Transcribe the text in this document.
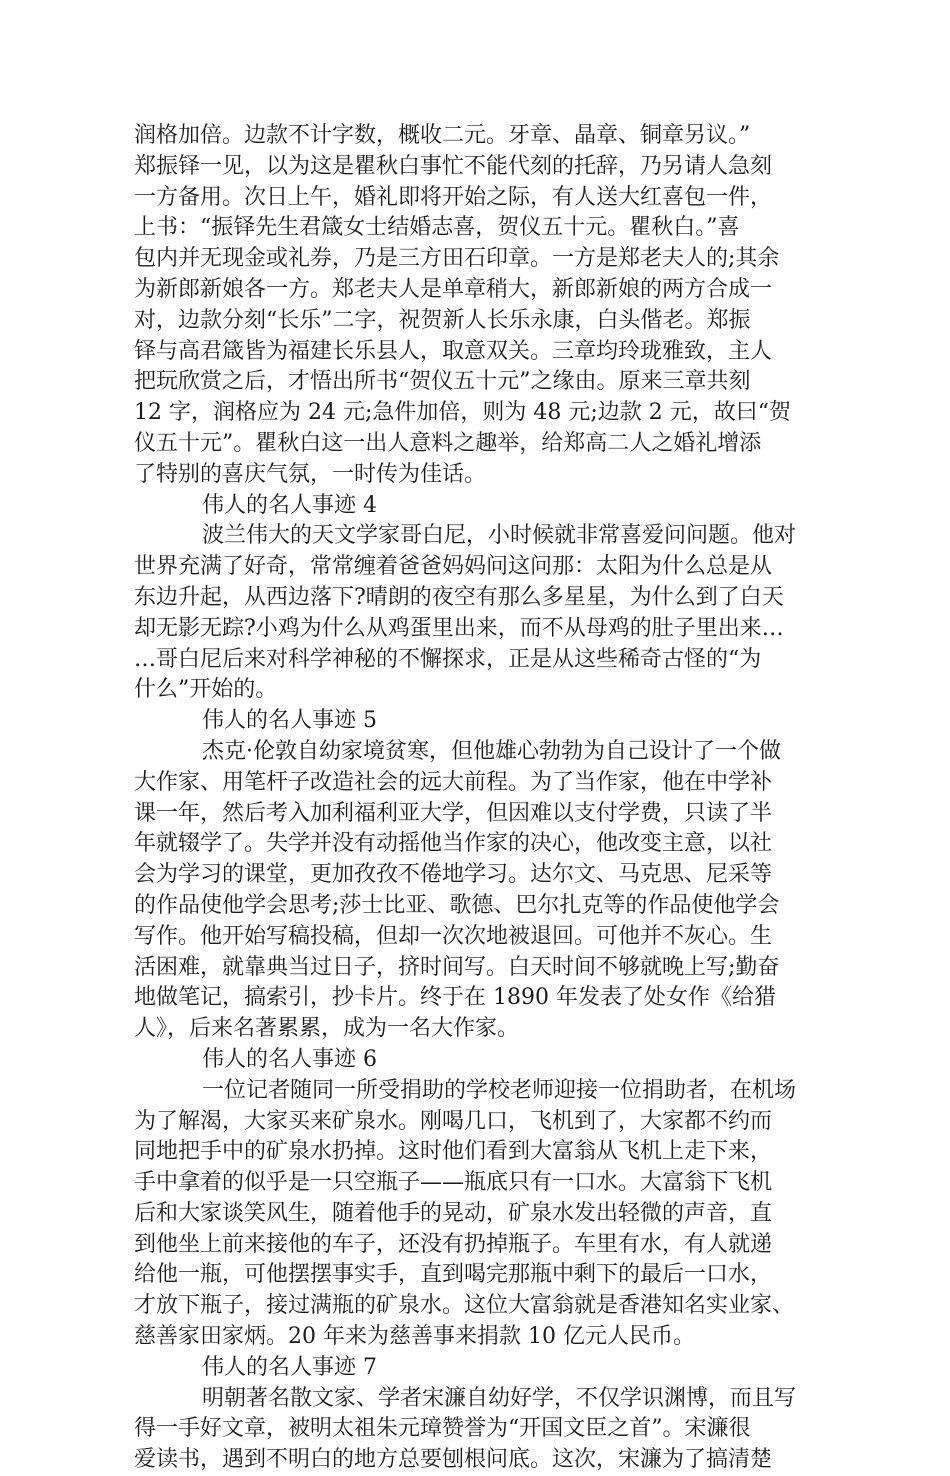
润格加倍。边款不计字数，概收二元。牙章、晶章、铜章另议。”
郑振铎一见，以为这是瞿秋白事忙不能代刻的托辞，乃另请人急刻
一方备用。次日上午，婚礼即将开始之际，有人送大红喜包一件，
上书：“振铎先生君箴女士结婚志喜，贺仪五十元。瞿秋白。”喜
包内并无现金或礼券，乃是三方田石印章。一方是郑老夫人的;其余
为新郎新娘各一方。郑老夫人是单章稍大，新郎新娘的两方合成一
对，边款分刻“长乐”二字，祝贺新人长乐永康，白头偕老。郑振
铎与高君箴皆为福建长乐县人，取意双关。三章均玲珑雅致，主人
把玩欣赏之后，才悟出所书“贺仪五十元”之缘由。原来三章共刻
12 字，润格应为 24 元;急件加倍，则为 48 元;边款 2 元，故曰“贺
仪五十元”。瞿秋白这一出人意料之趣举，给郑高二人之婚礼增添
了特别的喜庆气氛，一时传为佳话。
伟人的名人事迹 4
波兰伟大的天文学家哥白尼，小时候就非常喜爱问问题。他对
世界充满了好奇，常常缠着爸爸妈妈问这问那：太阳为什么总是从
东边升起，从西边落下?晴朗的夜空有那么多星星，为什么到了白天
却无影无踪?小鸡为什么从鸡蛋里出来，而不从母鸡的肚子里出来…
…哥白尼后来对科学神秘的不懈探求，正是从这些稀奇古怪的“为
什么”开始的。
伟人的名人事迹 5
杰克·伦敦自幼家境贫寒，但他雄心勃勃为自己设计了一个做
大作家、用笔杆子改造社会的远大前程。为了当作家，他在中学补
课一年，然后考入加利福利亚大学，但因难以支付学费，只读了半
年就辍学了。失学并没有动摇他当作家的决心，他改变主意，以社
会为学习的课堂，更加孜孜不倦地学习。达尔文、马克思、尼采等
的作品使他学会思考;莎士比亚、歌德、巴尔扎克等的作品使他学会
写作。他开始写稿投稿，但却一次次地被退回。可他并不灰心。生
活困难，就靠典当过日子，挤时间写。白天时间不够就晚上写;勤奋
地做笔记，搞索引，抄卡片。终于在 1890 年发表了处女作《给猎
人》，后来名著累累，成为一名大作家。
伟人的名人事迹 6
一位记者随同一所受捐助的学校老师迎接一位捐助者，在机场
为了解渴，大家买来矿泉水。刚喝几口，飞机到了，大家都不约而
同地把手中的矿泉水扔掉。这时他们看到大富翁从飞机上走下来，
手中拿着的似乎是一只空瓶子——瓶底只有一口水。大富翁下飞机
后和大家谈笑风生，随着他手的晃动，矿泉水发出轻微的声音，直
到他坐上前来接他的车子，还没有扔掉瓶子。车里有水，有人就递
给他一瓶，可他摆摆事实手，直到喝完那瓶中剩下的最后一口水，
才放下瓶子，接过满瓶的矿泉水。这位大富翁就是香港知名实业家、
慈善家田家炳。20 年来为慈善事来捐款 10 亿元人民币。
伟人的名人事迹 7
明朝著名散文家、学者宋濂自幼好学，不仅学识渊博，而且写
得一手好文章，被明太祖朱元璋赞誉为“开国文臣之首”。宋濂很
爱读书，遇到不明白的地方总要刨根问底。这次，宋濂为了搞清楚
